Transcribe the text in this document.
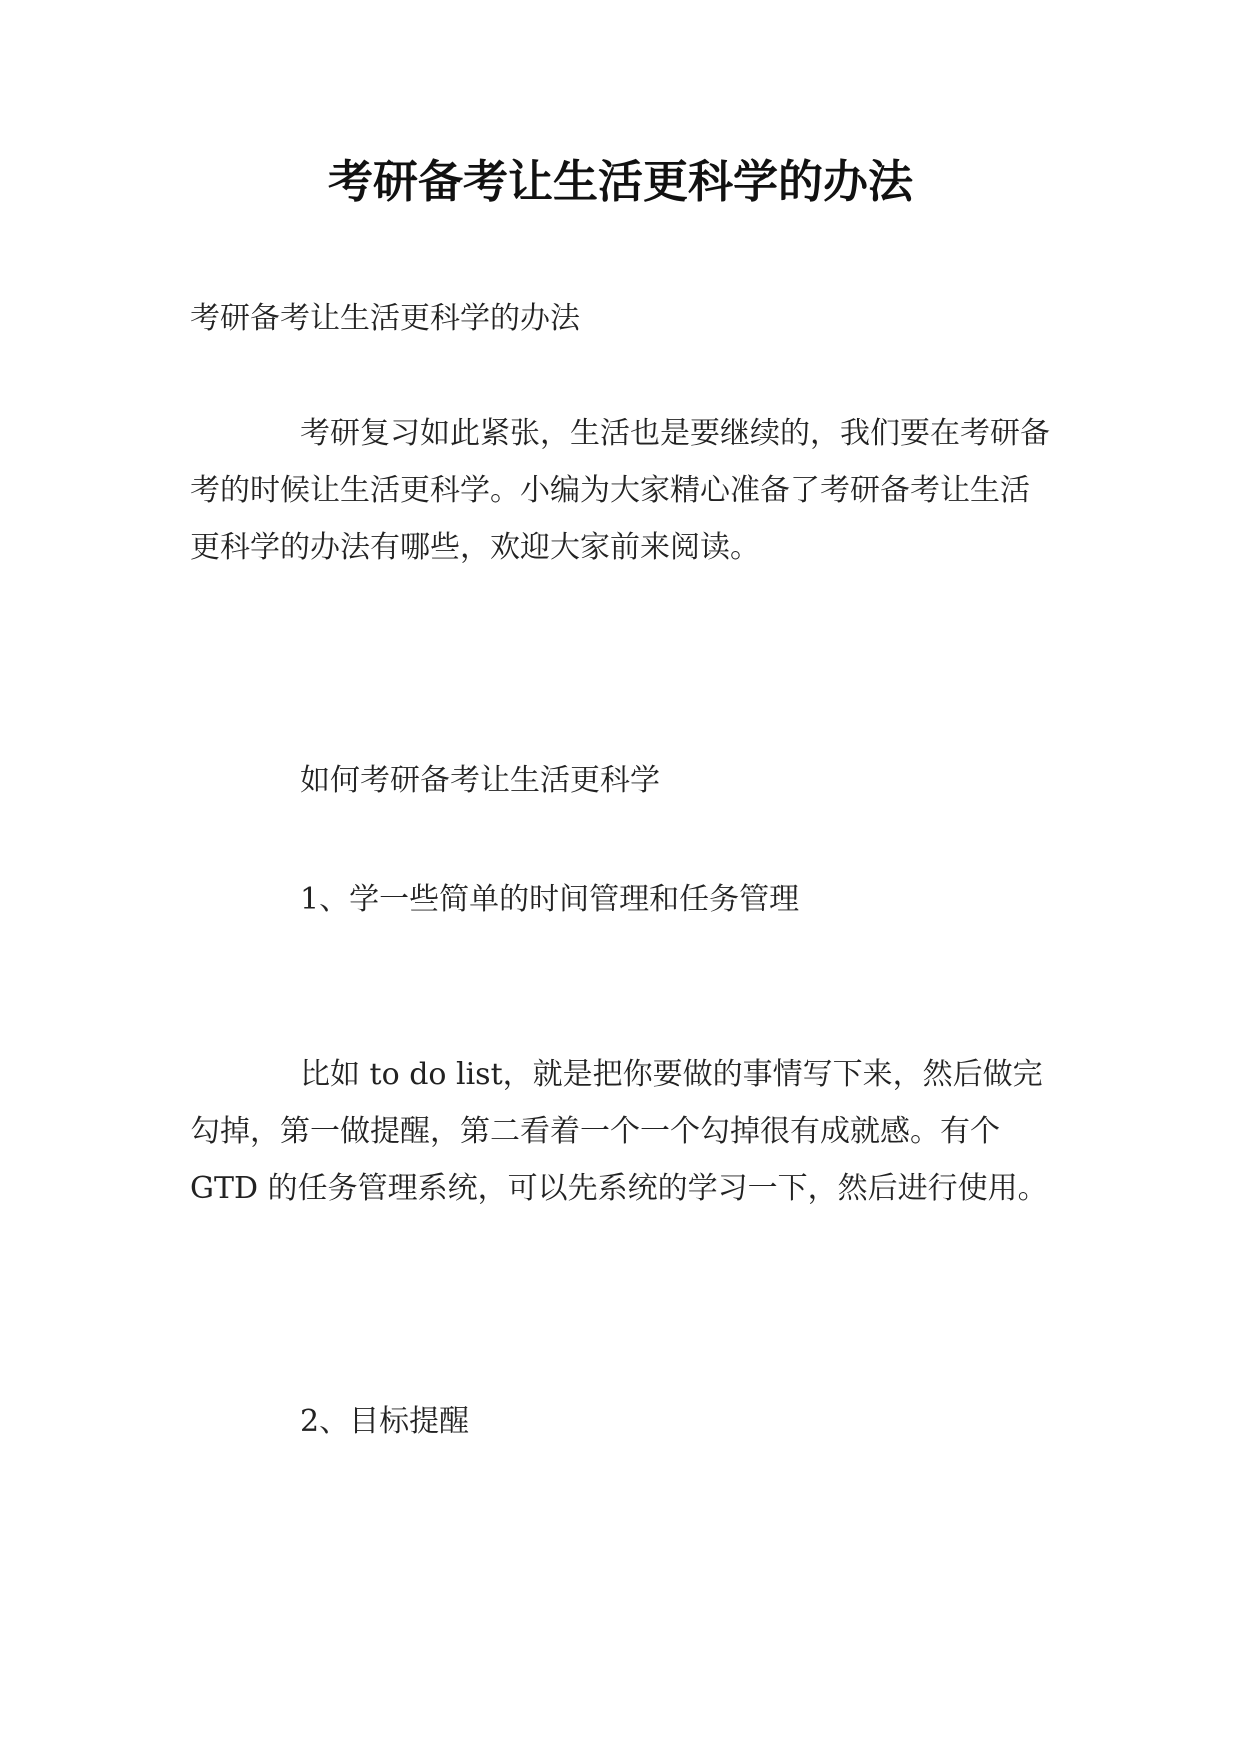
考研备考让生活更科学的办法

考研备考让生活更科学的办法

考研复习如此紧张，生活也是要继续的，我们要在考研备考的时候让生活更科学。小编为大家精心准备了考研备考让生活更科学的办法有哪些，欢迎大家前来阅读。

如何考研备考让生活更科学

1、学一些简单的时间管理和任务管理

比如 to do list，就是把你要做的事情写下来，然后做完勾掉，第一做提醒，第二看着一个一个勾掉很有成就感。有个 GTD 的任务管理系统，可以先系统的学习一下，然后进行使用。

2、目标提醒
